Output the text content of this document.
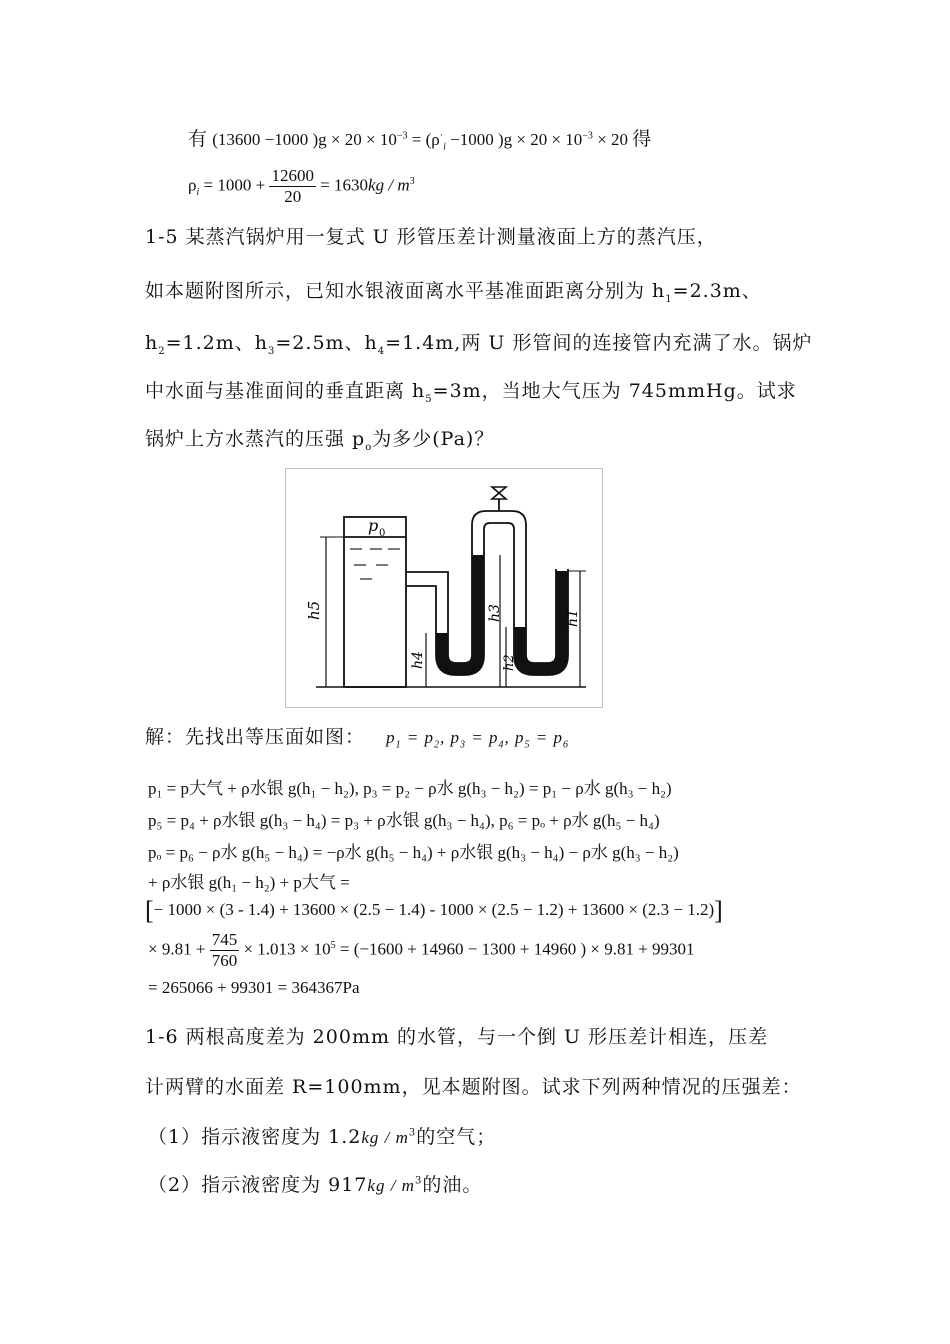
有 (13600 −1000 )$g \times 20 \times 10^{-3} = (\rho^\cdot_i -1000$ )$g \times 20 \times 10^{-3} \times 20$ 得
$\rho_i = 1000 + \frac{12600}{20} = 1630kg / m^3$
1-5 某蒸汽锅炉用一复式 U 形管压差计测量液面上方的蒸汽压，
如本题附图所示，已知水银液面离水平基准面距离分别为 $h_1=2.3m$、
$h_2=1.2m$、$h_3=2.5m$、$h_4=1.4m$,两 U 形管间的连接管内充满了水。锅炉
中水面与基准面间的垂直距离 $h_5=3m$，当地大气压为 745mmHg。试求
锅炉上方水蒸汽的压强 $p_o$为多少(Pa)？
p 0
h5
h4
h3
h2
h1
解：先找出等压面如图： $p_1 = p_2$, $p_3 = p_4$, $p_5 = p_6$
p₁ = p大气 + ρ水银 g(h₁ − h₂), p₃ = p₂ − ρ水 g(h₃ − h₂) = p₁ − ρ水 g(h₃ − h₂)
p₅ = p₄ + ρ水银 g(h₃ − h₄) = p₃ + ρ水银 g(h₃ − h₄), p₆ = pₒ + ρ水 g(h₅ − h₄)
pₒ = p₆ − ρ水 g(h₅ − h₄) = −ρ水 g(h₅ − h₄) + ρ水银 g(h₃ − h₄) − ρ水 g(h₃ − h₂)
+ ρ水银 g(h₁ − h₂) + p大气 =
[− 1000 × (3 - 1.4) + 13600 × (2.5 − 1.4) - 1000 × (2.5 − 1.2) + 13600 × (2.3 − 1.2)]
× $9.81 + \frac{745}{760} \times 1.013 \times 10^5 = (-1600 + 14960 - 1300 + 14960$ ) × 9.81 + 99301
= 265066 + 99301 = 364367Pa
1-6 两根高度差为 200mm 的水管，与一个倒 U 形压差计相连，压差
计两臂的水面差 R=100mm，见本题附图。试求下列两种情况的压强差：
（1）指示液密度为 $1.2kg / m^3$的空气；
（2）指示液密度为 $917kg / m^3$的油。
